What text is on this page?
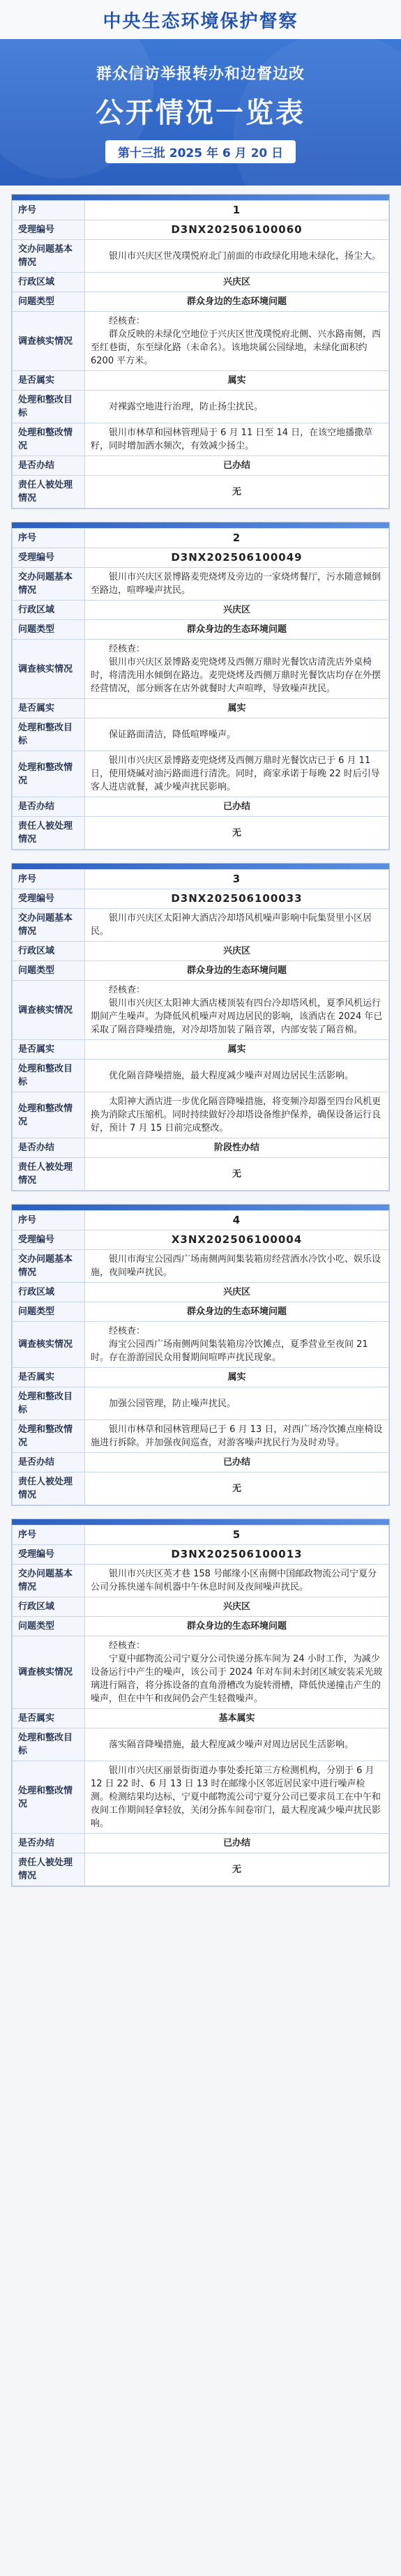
中央生态环境保护督察
群众信访举报转办和边督边改
公开情况一览表
第十三批 2025 年 6 月 20 日
序号	1
受理编号	D3NX202506100060
交办问题基本情况	银川市兴庆区世茂璞悦府北门前面的市政绿化用地未绿化，扬尘大。

行政区域	兴庆区
问题类型	群众身边的生态环境问题
调查核实情况	经核查：
群众反映的未绿化空地位于兴庆区世茂璞悦府北侧、兴水路南侧，西至红巷街，东至绿化路（未命名）。该地块属公园绿地，未绿化面积约 6200 平方米。

是否属实	属实
处理和整改目标	对裸露空地进行治理，防止扬尘扰民。

处理和整改情况	银川市林草和园林管理局于 6 月 11 日至 14 日，在该空地播撒草籽，同时增加洒水频次，有效减少扬尘。

是否办结	已办结
责任人被处理情况	无
序号	2
受理编号	D3NX202506100049
交办问题基本情况	银川市兴庆区景博路麦兜烧烤及旁边的一家烧烤餐厅，污水随意倾倒至路边，喧哗噪声扰民。

行政区域	兴庆区
问题类型	群众身边的生态环境问题
调查核实情况	经核查：
银川市兴庆区景博路麦兜烧烤及西侧万鼎时光餐饮店清洗店外桌椅时，将清洗用水倾倒在路边。麦兜烧烤及西侧万鼎时光餐饮店均存在外摆经营情况，部分顾客在店外就餐时大声喧哗，导致噪声扰民。

是否属实	属实
处理和整改目标	保证路面清洁，降低喧哗噪声。

处理和整改情况	银川市兴庆区景博路麦兜烧烤及西侧万鼎时光餐饮店已于 6 月 11 日，使用烧碱对油污路面进行清洗。同时，商家承诺于每晚 22 时后引导客人进店就餐，减少噪声扰民影响。

是否办结	已办结
责任人被处理情况	无
序号	3
受理编号	D3NX202506100033
交办问题基本情况	银川市兴庆区太阳神大酒店冷却塔风机噪声影响中阮集贤里小区居民。

行政区域	兴庆区
问题类型	群众身边的生态环境问题
调查核实情况	经核查：
银川市兴庆区太阳神大酒店楼顶装有四台冷却塔风机，夏季风机运行期间产生噪声。为降低风机噪声对周边居民的影响，该酒店在 2024 年已采取了隔音降噪措施，对冷却塔加装了隔音罩，内部安装了隔音棉。

是否属实	属实
处理和整改目标	优化隔音降噪措施，最大程度减少噪声对周边居民生活影响。

处理和整改情况	太阳神大酒店进一步优化隔音降噪措施，将变频冷却器至四台风机更换为消除式压缩机。同时持续做好冷却塔设备维护保养，确保设备运行良好，预计 7 月 15 日前完成整改。

是否办结	阶段性办结
责任人被处理情况	无
序号	4
受理编号	X3NX202506100004
交办问题基本情况	银川市海宝公园西广场南侧两间集装箱房经营酒水冷饮小吃、娱乐设施，夜间噪声扰民。

行政区域	兴庆区
问题类型	群众身边的生态环境问题
调查核实情况	经核查：
海宝公园西广场南侧两间集装箱房冷饮摊点，夏季营业至夜间 21 时。存在游游园民众用餐期间喧哗声扰民现象。

是否属实	属实
处理和整改目标	加强公园管理，防止噪声扰民。

处理和整改情况	银川市林草和园林管理局已于 6 月 13 日，对西广场冷饮摊点座椅设施进行拆除。并加强夜间巡查，对游客噪声扰民行为及时劝导。

是否办结	已办结
责任人被处理情况	无
序号	5
受理编号	D3NX202506100013
交办问题基本情况	银川市兴庆区英才巷 158 号邮缘小区南侧中国邮政物流公司宁夏分公司分拣快递车间机器中午休息时间及夜间噪声扰民。

行政区域	兴庆区
问题类型	群众身边的生态环境问题
调查核实情况	经核查：
宁夏中邮物流公司宁夏分公司快递分拣车间为 24 小时工作，为减少设备运行中产生的噪声，该公司于 2024 年对车间未封闭区域安装采光玻璃进行隔音，将分拣设备的直角滑槽改为旋转滑槽，降低快递撞击产生的噪声，但在中午和夜间仍会产生轻微噪声。

是否属实	基本属实
处理和整改目标	落实隔音降噪措施，最大程度减少噪声对周边居民生活影响。

处理和整改情况	银川市兴庆区丽景街街道办事处委托第三方检测机构，分别于 6 月 12 日 22 时、6 月 13 日 13 时在邮缘小区邻近居民家中进行噪声检测。检测结果均达标，宁夏中邮物流公司宁夏分公司已要求员工在中午和夜间工作期间轻拿轻放，关闭分拣车间卷帘门，最大程度减少噪声扰民影响。

是否办结	已办结
责任人被处理情况	无
